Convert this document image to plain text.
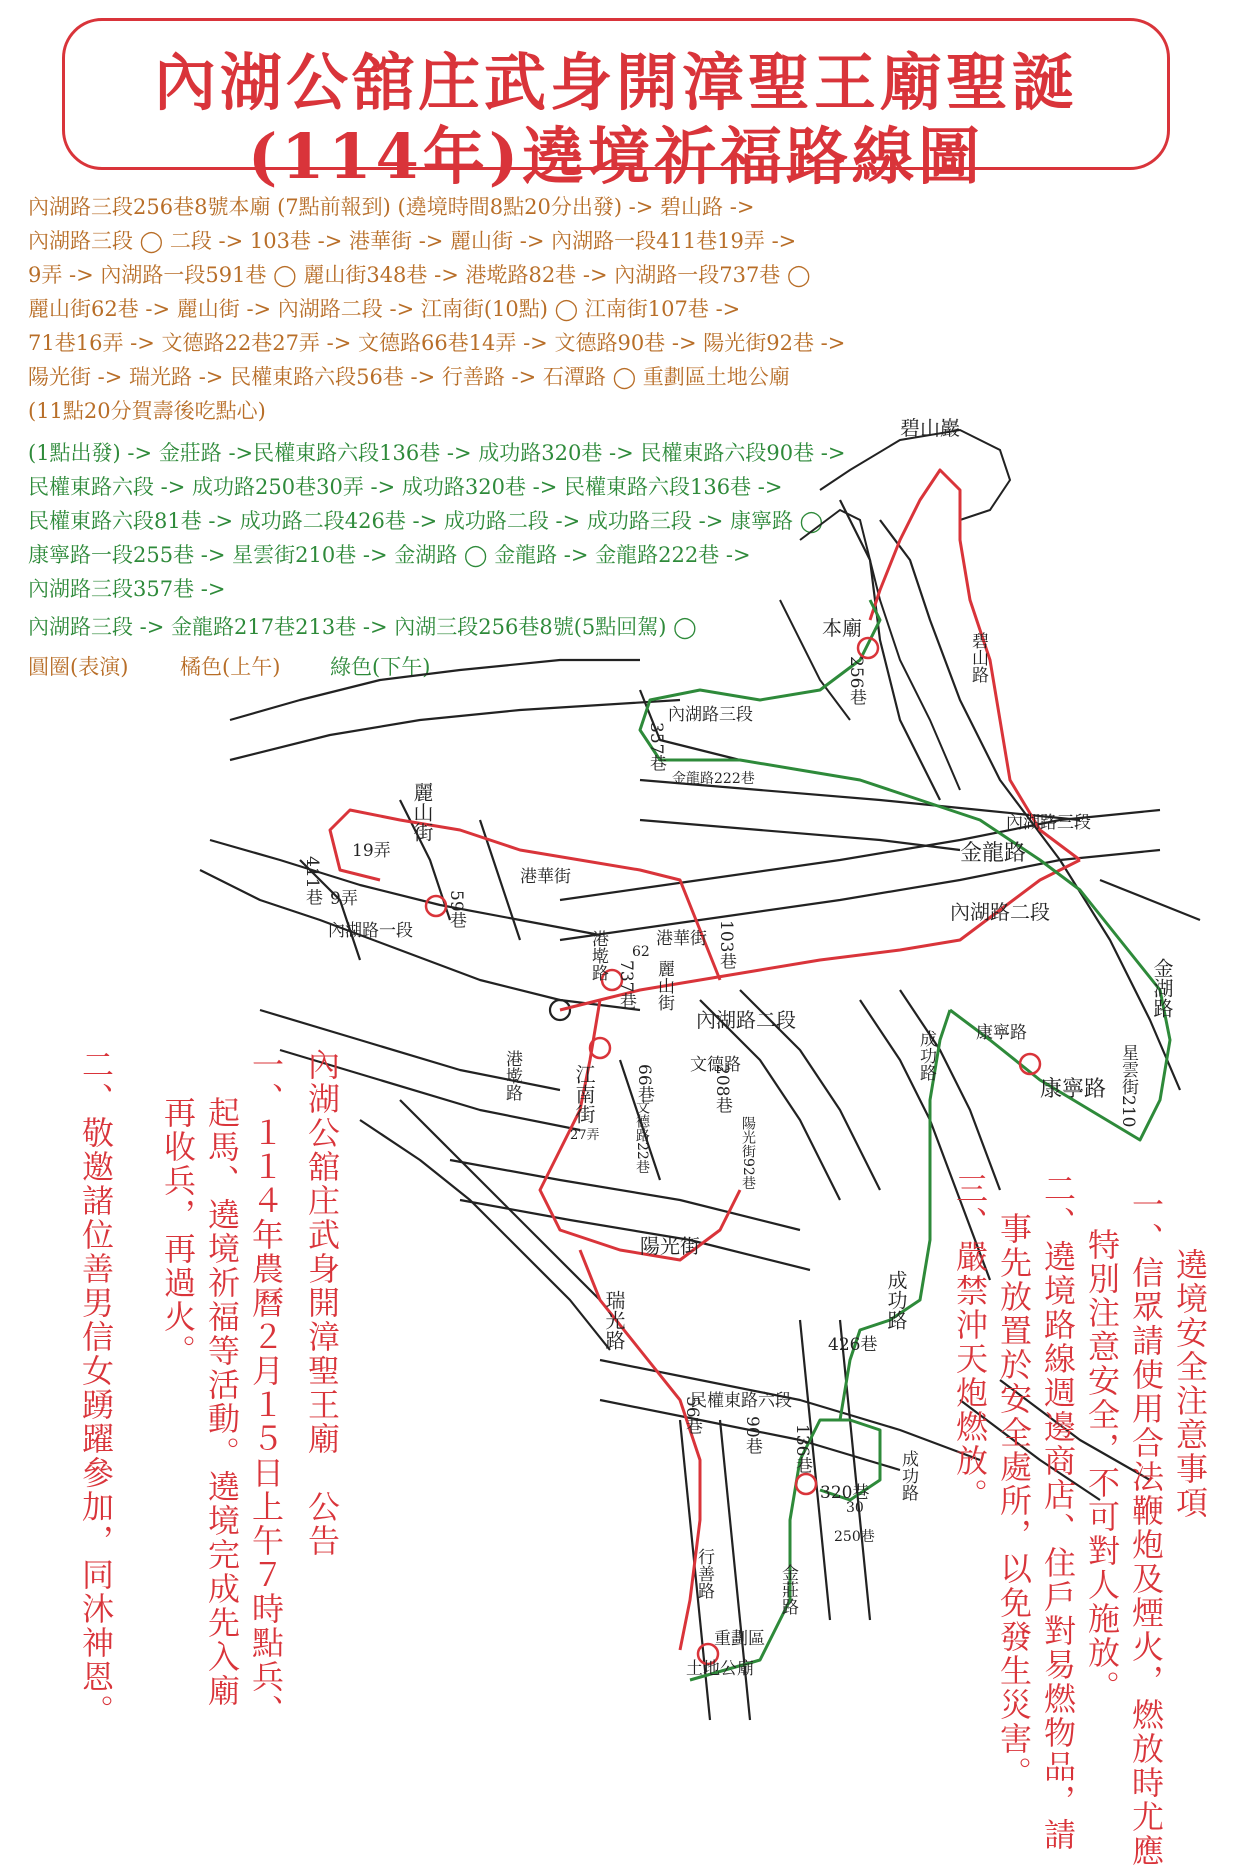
內湖公舘庄武身開漳聖王廟聖誕
(114年)遶境祈福路線圖
內湖路三段256巷8號本廟 (7點前報到) (遶境時間8點20分出發) -> 碧山路 ->
內湖路三段 ◯ 二段 -> 103巷 -> 港華街 -> 麗山街 -> 內湖路一段411巷19弄 ->
9弄 -> 內湖路一段591巷 ◯ 麗山街348巷 -> 港墘路82巷 -> 內湖路一段737巷 ◯
麗山街62巷 -> 麗山街 -> 內湖路二段 -> 江南街(10點) ◯ 江南街107巷 ->
71巷16弄 -> 文德路22巷27弄 -> 文德路66巷14弄 -> 文德路90巷 -> 陽光街92巷 ->
陽光街 -> 瑞光路 -> 民權東路六段56巷 -> 行善路 -> 石潭路 ◯ 重劃區土地公廟
(11點20分賀壽後吃點心)
(1點出發) -> 金莊路 ->民權東路六段136巷 -> 成功路320巷 -> 民權東路六段90巷 ->
民權東路六段 -> 成功路250巷30弄 -> 成功路320巷 -> 民權東路六段136巷 ->
民權東路六段81巷 -> 成功路二段426巷 -> 成功路二段 -> 成功路三段 -> 康寧路 ◯
康寧路一段255巷 -> 星雲街210巷 -> 金湖路 ◯ 金龍路 -> 金龍路222巷 ->
內湖路三段357巷 ->
內湖路三段 -> 金龍路217巷213巷 -> 內湖三段256巷8號(5點回駕) ◯
圓圈(表演) 橘色(上午) 綠色(下午)
碧山巖
本廟
256巷	碧山路
內湖路三段
357巷
金龍路222巷
內湖路三段
金龍路
內湖路二段
金湖路
康寧路
康寧路 星雲街210
成功路
成功路
成功路
426巷
麗山街
19弄
9弄
411巷
59巷
港華街
港華街 103巷
內湖路一段	港墘路 62
麗山街
737巷
內湖路二段
文德路
港墘路	江南街 66巷	208巷
文德路22巷
27弄	陽光街92巷
陽光街
瑞光路
民權東路六段
56巷
90巷 136巷
320巷
30
250巷
行善路	金莊路
重劃區
土地公廟
內湖公舘庄武身開漳聖王廟　公告
一、１１４年農曆２月１５日上午７時點兵、
起馬、遶境祈福等活動。遶境完成先入廟
再收兵，再過火。
二、敬邀諸位善男信女踴躍參加，同沐神恩。	遶境安全注意事項
一、信眾請使用合法鞭炮及煙火，燃放時尤應
特別注意安全，不可對人施放。
二、遶境路線週邊商店、住戶對易燃物品，請
事先放置於安全處所，以免發生災害。
三、嚴禁沖天炮燃放。
